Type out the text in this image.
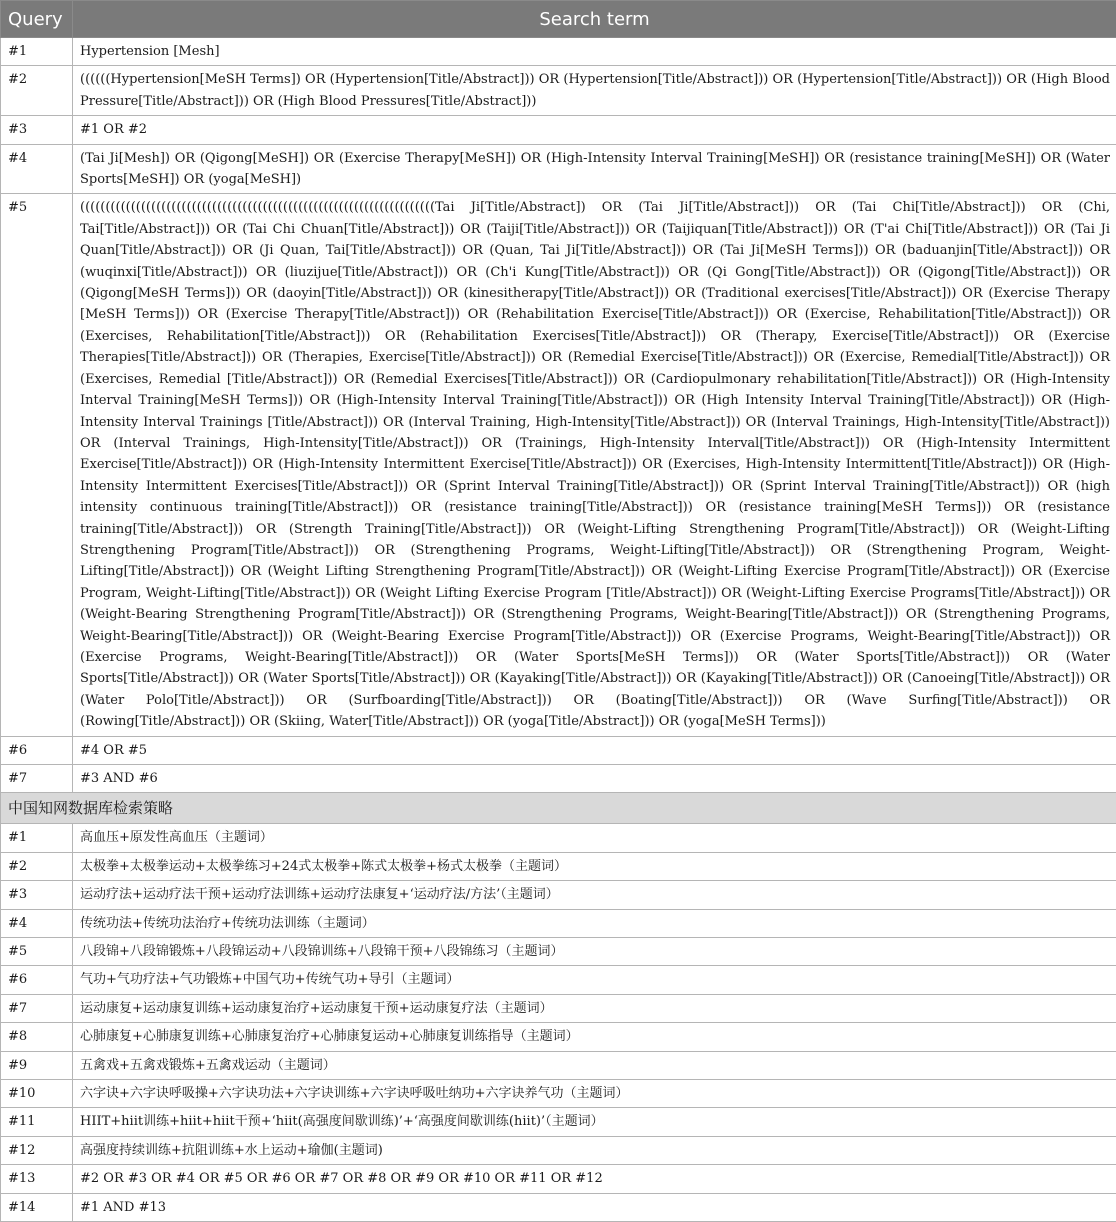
Query	Search term
#1	Hypertension [Mesh]
#2	((((((Hypertension[MeSH Terms]) OR (Hypertension[Title/Abstract])) OR (Hypertension[Title/Abstract])) OR (Hypertension[Title/Abstract])) OR (High Blood Pressure[Title/Abstract])) OR (High Blood Pressures[Title/Abstract]))
#3	#1 OR #2
#4	(Tai Ji[Mesh]) OR (Qigong[MeSH]) OR (Exercise Therapy[MeSH]) OR (High-Intensity Interval Training[MeSH]) OR (resistance training[MeSH]) OR (Water Sports[MeSH]) OR (yoga[MeSH])
#5	((((((((((((((((((((((((((((((((((((((((((((((((((((((((((((((((((((((Tai Ji[Title/Abstract]) OR (Tai Ji[Title/Abstract])) OR (Tai Chi[Title/Abstract])) OR (Chi, Tai[Title/Abstract])) OR (Tai Chi Chuan[Title/Abstract])) OR (Taiji[Title/Abstract])) OR (Taijiquan[Title/Abstract])) OR (T'ai Chi[Title/Abstract])) OR (Tai Ji Quan[Title/Abstract])) OR (Ji Quan, Tai[Title/Abstract])) OR (Quan, Tai Ji[Title/Abstract])) OR (Tai Ji[MeSH Terms])) OR (baduanjin[Title/Abstract])) OR (wuqinxi[Title/Abstract])) OR (liuzijue[Title/Abstract])) OR (Ch'i Kung[Title/Abstract])) OR (Qi Gong[Title/Abstract])) OR (Qigong[Title/Abstract])) OR (Qigong[MeSH Terms])) OR (daoyin[Title/Abstract])) OR (kinesitherapy[Title/Abstract])) OR (Traditional exercises[Title/Abstract])) OR (Exercise Therapy [MeSH Terms])) OR (Exercise Therapy[Title/Abstract])) OR (Rehabilitation Exercise[Title/Abstract])) OR (Exercise, Rehabilitation[Title/Abstract])) OR (Exercises, Rehabilitation[Title/Abstract])) OR (Rehabilitation Exercises[Title/Abstract])) OR (Therapy, Exercise[Title/Abstract])) OR (Exercise Therapies[Title/Abstract])) OR (Therapies, Exercise[Title/Abstract])) OR (Remedial Exercise[Title/Abstract])) OR (Exercise, Remedial[Title/Abstract])) OR (Exercises, Remedial [Title/Abstract])) OR (Remedial Exercises[Title/Abstract])) OR (Cardiopulmonary rehabilitation[Title/Abstract])) OR (High-Intensity Interval Training[MeSH Terms])) OR (High-Intensity Interval Training[Title/Abstract])) OR (High Intensity Interval Training[Title/Abstract])) OR (High-Intensity Interval Trainings [Title/Abstract])) OR (Interval Training, High-Intensity[Title/Abstract])) OR (Interval Trainings, High-Intensity[Title/Abstract])) OR (Interval Trainings, High-Intensity[Title/Abstract])) OR (Trainings, High-Intensity Interval[Title/Abstract])) OR (High-Intensity Intermittent Exercise[Title/Abstract])) OR (High-Intensity Intermittent Exercise[Title/Abstract])) OR (Exercises, High-Intensity Intermittent[Title/Abstract])) OR (High-Intensity Intermittent Exercises[Title/Abstract])) OR (Sprint Interval Training[Title/Abstract])) OR (Sprint Interval Training[Title/Abstract])) OR (high intensity continuous training[Title/Abstract])) OR (resistance training[Title/Abstract])) OR (resistance training[MeSH Terms])) OR (resistance training[Title/Abstract])) OR (Strength Training[Title/Abstract])) OR (Weight-Lifting Strengthening Program[Title/Abstract])) OR (Weight-Lifting Strengthening Program[Title/Abstract])) OR (Strengthening Programs, Weight-Lifting[Title/Abstract])) OR (Strengthening Program, Weight-Lifting[Title/Abstract])) OR (Weight Lifting Strengthening Program[Title/Abstract])) OR (Weight-Lifting Exercise Program[Title/Abstract])) OR (Exercise Program, Weight-Lifting[Title/Abstract])) OR (Weight Lifting Exercise Program [Title/Abstract])) OR (Weight-Lifting Exercise Programs[Title/Abstract])) OR (Weight-Bearing Strengthening Program[Title/Abstract])) OR (Strengthening Programs, Weight-Bearing[Title/Abstract])) OR (Strengthening Programs, Weight-Bearing[Title/Abstract])) OR (Weight-Bearing Exercise Program[Title/Abstract])) OR (Exercise Programs, Weight-Bearing[Title/Abstract])) OR (Exercise Programs, Weight-Bearing[Title/Abstract])) OR (Water Sports[MeSH Terms])) OR (Water Sports[Title/Abstract])) OR (Water Sports[Title/Abstract])) OR (Water Sports[Title/Abstract])) OR (Kayaking[Title/Abstract])) OR (Kayaking[Title/Abstract])) OR (Canoeing[Title/Abstract])) OR (Water Polo[Title/Abstract])) OR (Surfboarding[Title/Abstract])) OR (Boating[Title/Abstract])) OR (Wave Surfing[Title/Abstract])) OR (Rowing[Title/Abstract])) OR (Skiing, Water[Title/Abstract])) OR (yoga[Title/Abstract])) OR (yoga[MeSH Terms]))
#6	#4 OR #5
#7	#3 AND #6
中国知网数据库检索策略	
#1	高血压+原发性高血压（主题词）
#2	太极拳+太极拳运动+太极拳练习+24式太极拳+陈式太极拳+杨式太极拳（主题词）
#3	运动疗法+运动疗法干预+运动疗法训练+运动疗法康复+‘运动疗法/方法’（主题词）
#4	传统功法+传统功法治疗+传统功法训练（主题词）
#5	八段锦+八段锦锻炼+八段锦运动+八段锦训练+八段锦干预+八段锦练习（主题词）
#6	气功+气功疗法+气功锻炼+中国气功+传统气功+导引（主题词）
#7	运动康复+运动康复训练+运动康复治疗+运动康复干预+运动康复疗法（主题词）
#8	心肺康复+心肺康复训练+心肺康复治疗+心肺康复运动+心肺康复训练指导（主题词）
#9	五禽戏+五禽戏锻炼+五禽戏运动（主题词）
#10	六字诀+六字诀呼吸操+六字诀功法+六字诀训练+六字诀呼吸吐纳功+六字诀养气功（主题词）
#11	HIIT+hiit训练+hiit+hiit干预+‘hiit(高强度间歇训练)’+‘高强度间歇训练(hiit)’（主题词）
#12	高强度持续训练+抗阻训练+水上运动+瑜伽(主题词)
#13	#2 OR #3 OR #4 OR #5 OR #6 OR #7 OR #8 OR #9 OR #10 OR #11 OR #12
#14	#1 AND #13
